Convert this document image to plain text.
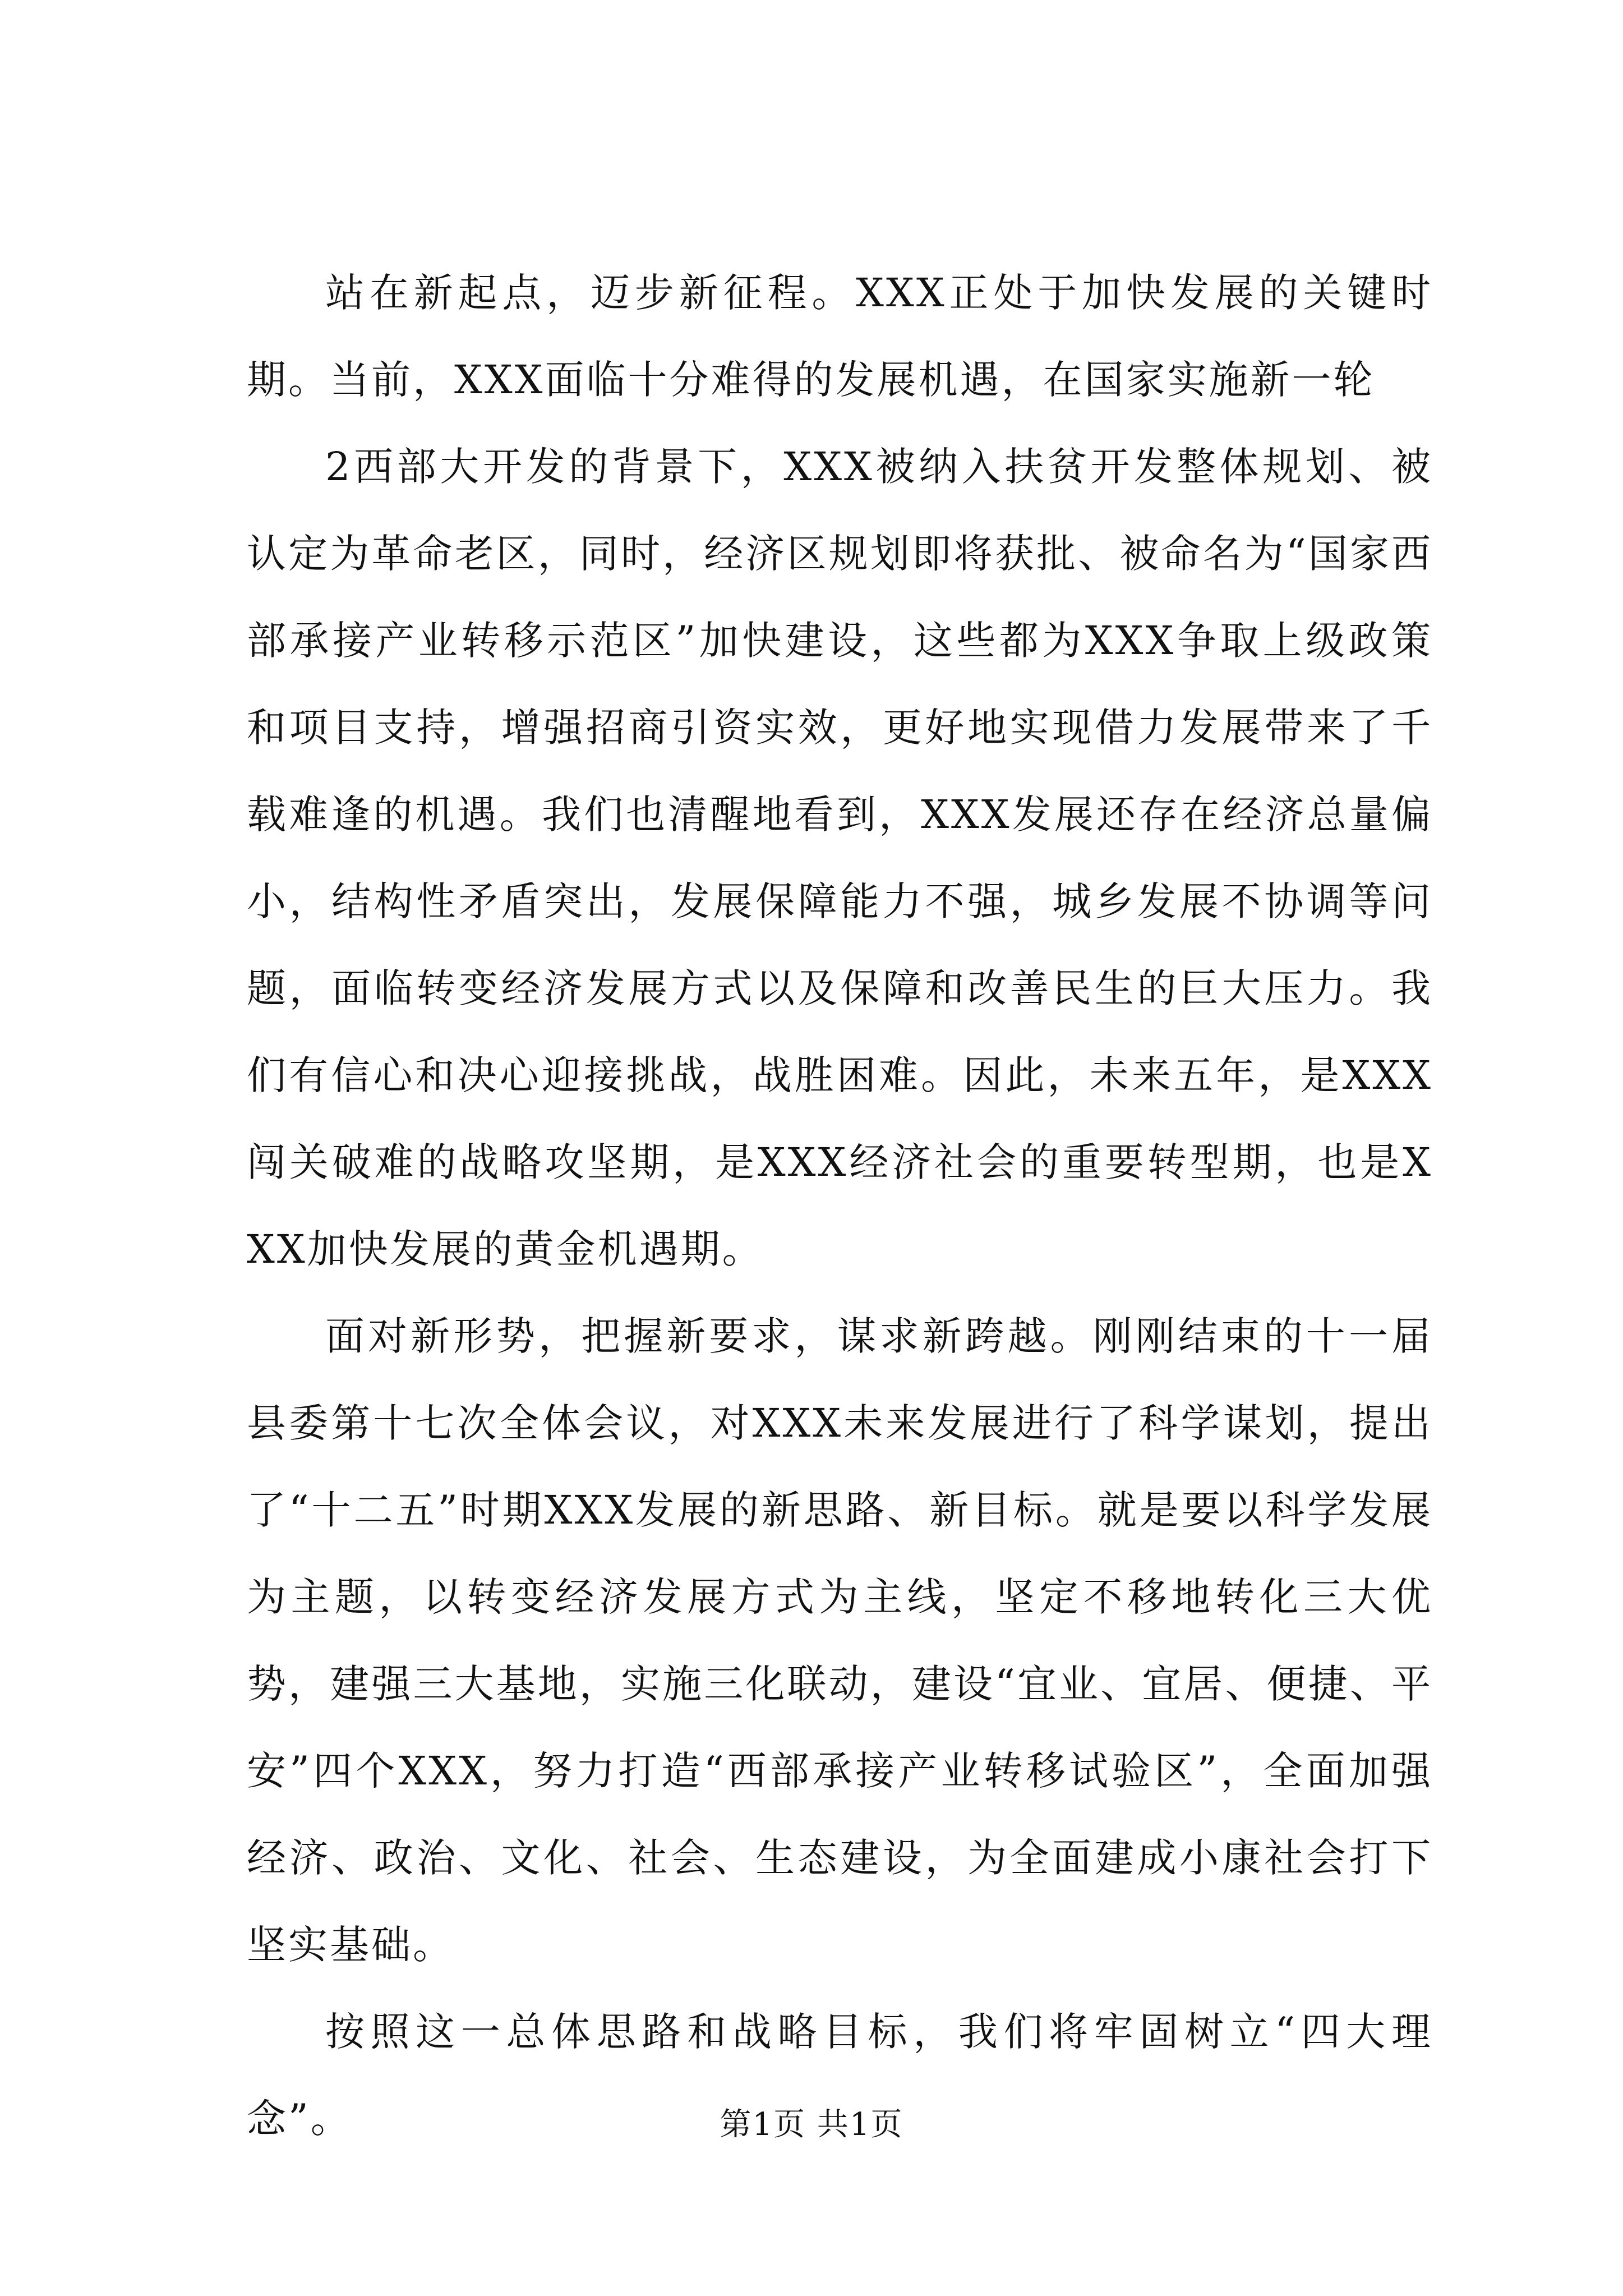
站在新起点，迈步新征程。XXX正处于加快发展的关键时期。当前，XXX面临十分难得的发展机遇，在国家实施新一轮

2西部大开发的背景下，XXX被纳入扶贫开发整体规划、被认定为革命老区，同时，经济区规划即将获批、被命名为“国家西部承接产业转移示范区”加快建设，这些都为XXX争取上级政策和项目支持，增强招商引资实效，更好地实现借力发展带来了千载难逢的机遇。我们也清醒地看到，XXX发展还存在经济总量偏小，结构性矛盾突出，发展保障能力不强，城乡发展不协调等问题，面临转变经济发展方式以及保障和改善民生的巨大压力。我们有信心和决心迎接挑战，战胜困难。因此，未来五年，是XXX闯关破难的战略攻坚期，是XXX经济社会的重要转型期，也是XXX加快发展的黄金机遇期。

面对新形势，把握新要求，谋求新跨越。刚刚结束的十一届县委第十七次全体会议，对XXX未来发展进行了科学谋划，提出了“十二五”时期XXX发展的新思路、新目标。就是要以科学发展为主题，以转变经济发展方式为主线，坚定不移地转化三大优势，建强三大基地，实施三化联动，建设“宜业、宜居、便捷、平安”四个XXX，努力打造“西部承接产业转移试验区”，全面加强经济、政治、文化、社会、生态建设，为全面建成小康社会打下坚实基础。

按照这一总体思路和战略目标，我们将牢固树立“四大理念”。	第1页 共1页
